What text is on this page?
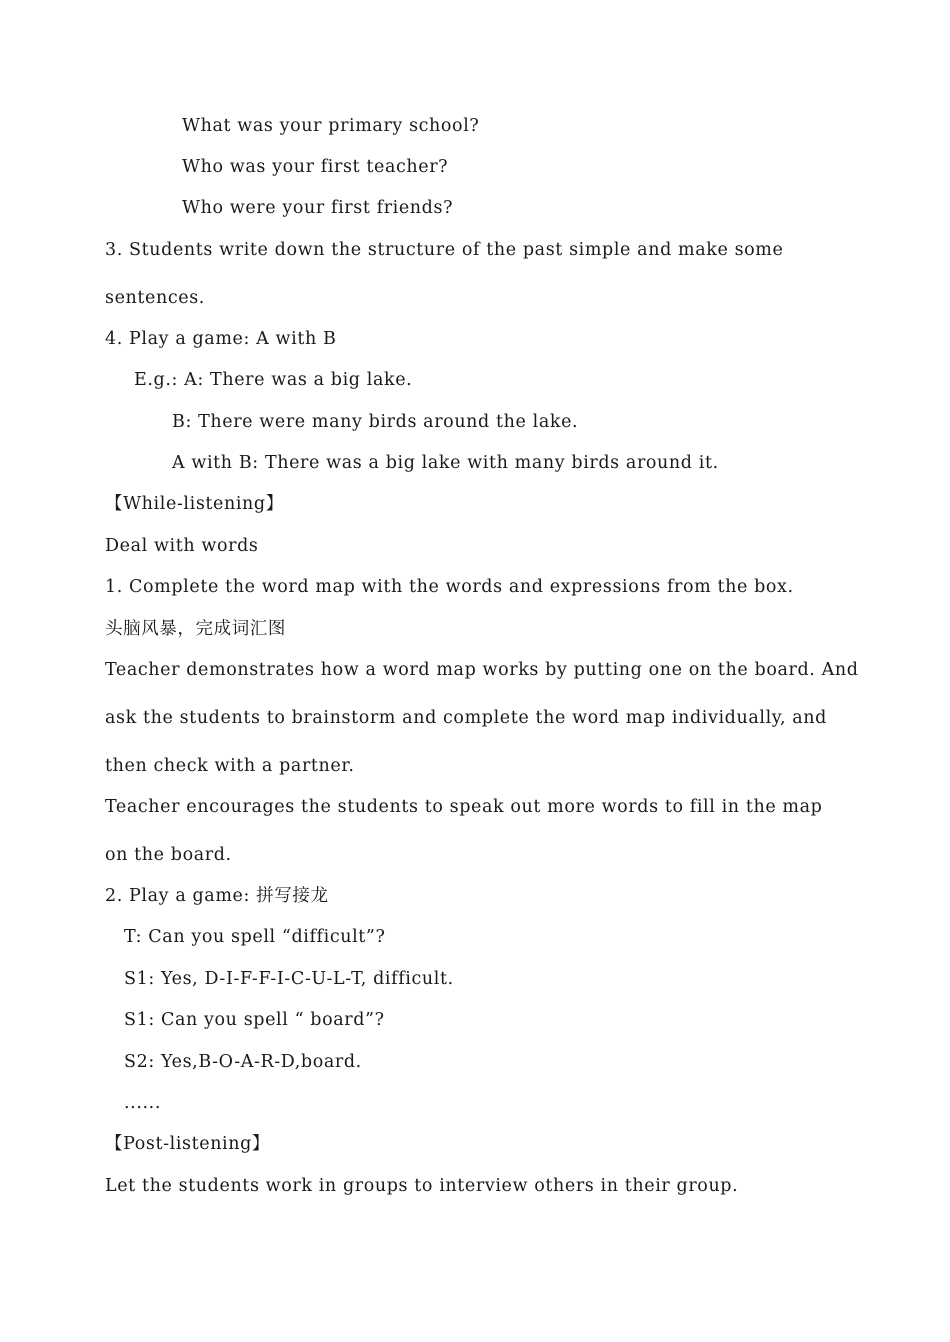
What was your primary school?
Who was your first teacher?
Who were your first friends?
3. Students write down the structure of the past simple and make some
sentences.
4. Play a game: A with B
E.g.: A: There was a big lake.
B: There were many birds around the lake.
A with B: There was a big lake with many birds around it.
【While-listening】
Deal with words
1. Complete the word map with the words and expressions from the box.
头脑风暴，完成词汇图
Teacher demonstrates how a word map works by putting one on the board. And
ask the students to brainstorm and complete the word map individually, and
then check with a partner.
Teacher encourages the students to speak out more words to fill in the map
on the board.
2. Play a game: 拼写接龙
T: Can you spell “difficult”?
S1: Yes, D-I-F-F-I-C-U-L-T, difficult.
S1: Can you spell “ board”?
S2: Yes,B-O-A-R-D,board.
......
【Post-listening】
Let the students work in groups to interview others in their group.
